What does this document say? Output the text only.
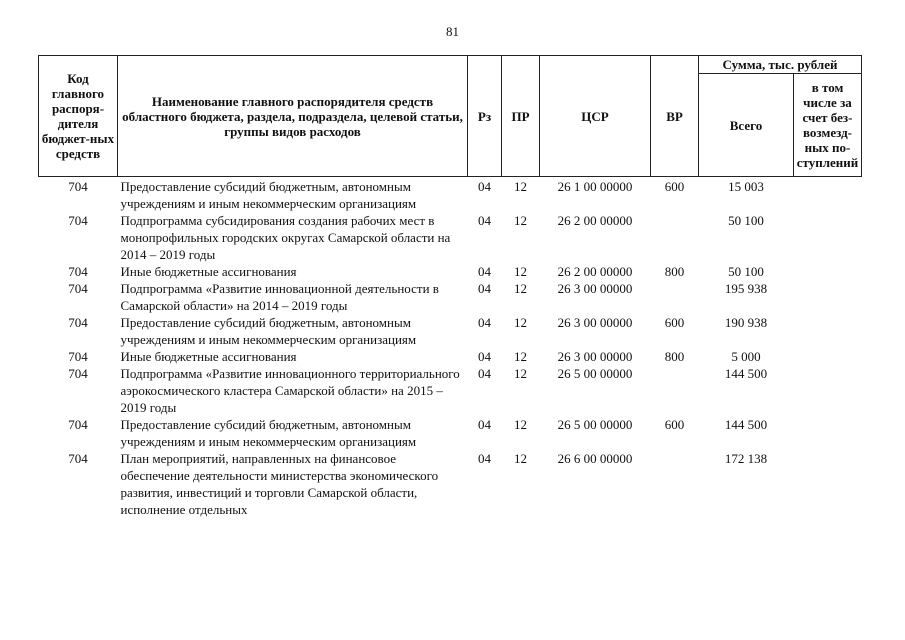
81
Код главного распоря-дителя бюджет-ных средств	Наименование главного распорядителя средств областного бюджета, раздела, подраздела, целевой статьи, группы видов расходов	Рз	ПР	ЦСР	ВР	Сумма, тыс. рублей	
						Всего	в том числе за счет без-возмезд-ных по-ступлений
704	Предоставление субсидий бюджетным, автономным учреждениям и иным некоммерческим организациям	04	12	26 1 00 00000	600	15 003	
704	Подпрограмма субсидирования создания рабочих мест в монопрофильных городских округах Самарской области на 2014 – 2019 годы	04	12	26 2 00 00000		50 100	
704	Иные бюджетные ассигнования	04	12	26 2 00 00000	800	50 100	
704	Подпрограмма «Развитие инновационной деятельности в Самарской области» на 2014 – 2019 годы	04	12	26 3 00 00000		195 938	
704	Предоставление субсидий бюджетным, автономным учреждениям и иным некоммерческим организациям	04	12	26 3 00 00000	600	190 938	
704	Иные бюджетные ассигнования	04	12	26 3 00 00000	800	5 000	
704	Подпрограмма «Развитие инновационного территориального аэрокосмического кластера Самарской области» на 2015 – 2019 годы	04	12	26 5 00 00000		144 500	
704	Предоставление субсидий бюджетным, автономным учреждениям и иным некоммерческим организациям	04	12	26 5 00 00000	600	144 500	
704	План мероприятий, направленных на финансовое обеспечение деятельности министерства экономического развития, инвестиций и торговли Самарской области, исполнение отдельных	04	12	26 6 00 00000		172 138	
